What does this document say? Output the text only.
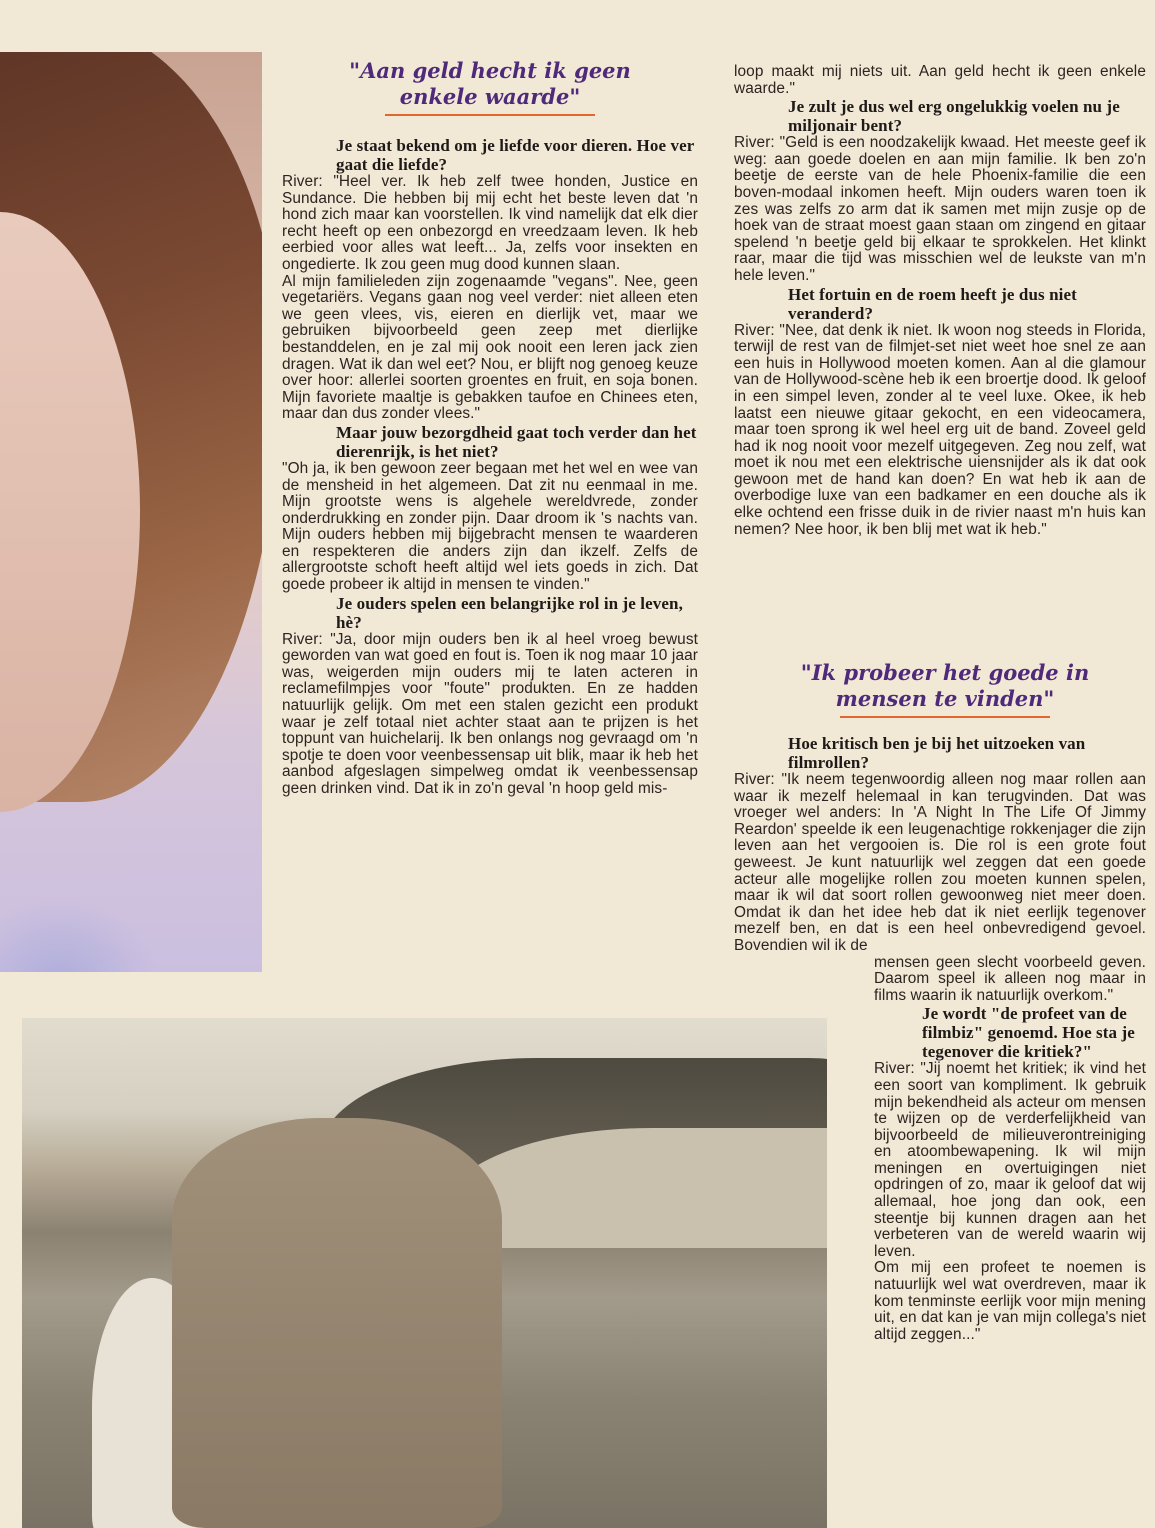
"Aan geld hecht ik geen
enkele waarde"

Je staat bekend om je liefde voor dieren. Hoe ver gaat die liefde?

River: "Heel ver. Ik heb zelf twee honden, Justice en Sundance. Die hebben bij mij echt het beste leven dat 'n hond zich maar kan voorstellen. Ik vind namelijk dat elk dier recht heeft op een onbezorgd en vreedzaam leven. Ik heb eerbied voor alles wat leeft... Ja, zelfs voor insekten en ongedierte. Ik zou geen mug dood kunnen slaan.

Al mijn familieleden zijn zogenaamde "vegans". Nee, geen vegetariërs. Vegans gaan nog veel verder: niet alleen eten we geen vlees, vis, eieren en dierlijk vet, maar we gebruiken bijvoorbeeld geen zeep met dierlijke bestanddelen, en je zal mij ook nooit een leren jack zien dragen. Wat ik dan wel eet? Nou, er blijft nog genoeg keuze over hoor: allerlei soorten groentes en fruit, en soja bonen. Mijn favoriete maaltje is gebakken taufoe en Chinees eten, maar dan dus zonder vlees."

Maar jouw bezorgdheid gaat toch verder dan het dierenrijk, is het niet?

"Oh ja, ik ben gewoon zeer begaan met het wel en wee van de mensheid in het algemeen. Dat zit nu eenmaal in me. Mijn grootste wens is algehele wereldvrede, zonder onderdrukking en zonder pijn. Daar droom ik 's nachts van. Mijn ouders hebben mij bijgebracht mensen te waarderen en respekteren die anders zijn dan ikzelf. Zelfs de allergrootste schoft heeft altijd wel iets goeds in zich. Dat goede probeer ik altijd in mensen te vinden."

Je ouders spelen een belangrijke rol in je leven, hè?

River: "Ja, door mijn ouders ben ik al heel vroeg bewust geworden van wat goed en fout is. Toen ik nog maar 10 jaar was, weigerden mijn ouders mij te laten acteren in reclamefilmpjes voor "foute" produkten. En ze hadden natuurlijk gelijk. Om met een stalen gezicht een produkt waar je zelf totaal niet achter staat aan te prijzen is het toppunt van huichelarij. Ik ben onlangs nog gevraagd om 'n spotje te doen voor veenbessensap uit blik, maar ik heb het aanbod afgeslagen simpelweg omdat ik veenbessensap geen drinken vind. Dat ik in zo'n geval 'n hoop geld mis-

loop maakt mij niets uit. Aan geld hecht ik geen enkele waarde."

Je zult je dus wel erg ongelukkig voelen nu je miljonair bent?

River: "Geld is een noodzakelijk kwaad. Het meeste geef ik weg: aan goede doelen en aan mijn familie. Ik ben zo'n beetje de eerste van de hele Phoenix-familie die een boven-modaal inkomen heeft. Mijn ouders waren toen ik zes was zelfs zo arm dat ik samen met mijn zusje op de hoek van de straat moest gaan staan om zingend en gitaar spelend 'n beetje geld bij elkaar te sprokkelen. Het klinkt raar, maar die tijd was misschien wel de leukste van m'n hele leven."

Het fortuin en de roem heeft je dus niet veranderd?

River: "Nee, dat denk ik niet. Ik woon nog steeds in Florida, terwijl de rest van de filmjet-set niet weet hoe snel ze aan een huis in Hollywood moeten komen. Aan al die glamour van de Hollywood-scène heb ik een broertje dood. Ik geloof in een simpel leven, zonder al te veel luxe. Okee, ik heb laatst een nieuwe gitaar gekocht, en een videocamera, maar toen sprong ik wel heel erg uit de band. Zoveel geld had ik nog nooit voor mezelf uitgegeven. Zeg nou zelf, wat moet ik nou met een elektrische uiensnijder als ik dat ook gewoon met de hand kan doen? En wat heb ik aan de overbodige luxe van een badkamer en een douche als ik elke ochtend een frisse duik in de rivier naast m'n huis kan nemen? Nee hoor, ik ben blij met wat ik heb."

"Ik probeer het goede in
mensen te vinden"

Hoe kritisch ben je bij het uitzoeken van filmrollen?

River: "Ik neem tegenwoordig alleen nog maar rollen aan waar ik mezelf helemaal in kan terugvinden. Dat was vroeger wel anders: In 'A Night In The Life Of Jimmy Reardon' speelde ik een leugenachtige rokkenjager die zijn leven aan het vergooien is. Die rol is een grote fout geweest. Je kunt natuurlijk wel zeggen dat een goede acteur alle mogelijke rollen zou moeten kunnen spelen, maar ik wil dat soort rollen gewoonweg niet meer doen. Omdat ik dan het idee heb dat ik niet eerlijk tegenover mezelf ben, en dat is een heel onbevredigend gevoel. Bovendien wil ik de

mensen geen slecht voorbeeld geven. Daarom speel ik alleen nog maar in films waarin ik natuurlijk overkom."

Je wordt "de profeet van de filmbiz" genoemd. Hoe sta je tegenover die kritiek?"

River: "Jij noemt het kritiek; ik vind het een soort van kompliment. Ik gebruik mijn bekendheid als acteur om mensen te wijzen op de verderfelijkheid van bijvoorbeeld de milieuverontreiniging en atoombewapening. Ik wil mijn meningen en overtuigingen niet opdringen of zo, maar ik geloof dat wij allemaal, hoe jong dan ook, een steentje bij kunnen dragen aan het verbeteren van de wereld waarin wij leven.

Om mij een profeet te noemen is natuurlijk wel wat overdreven, maar ik kom tenminste eerlijk voor mijn mening uit, en dat kan je van mijn collega's niet altijd zeggen..."
